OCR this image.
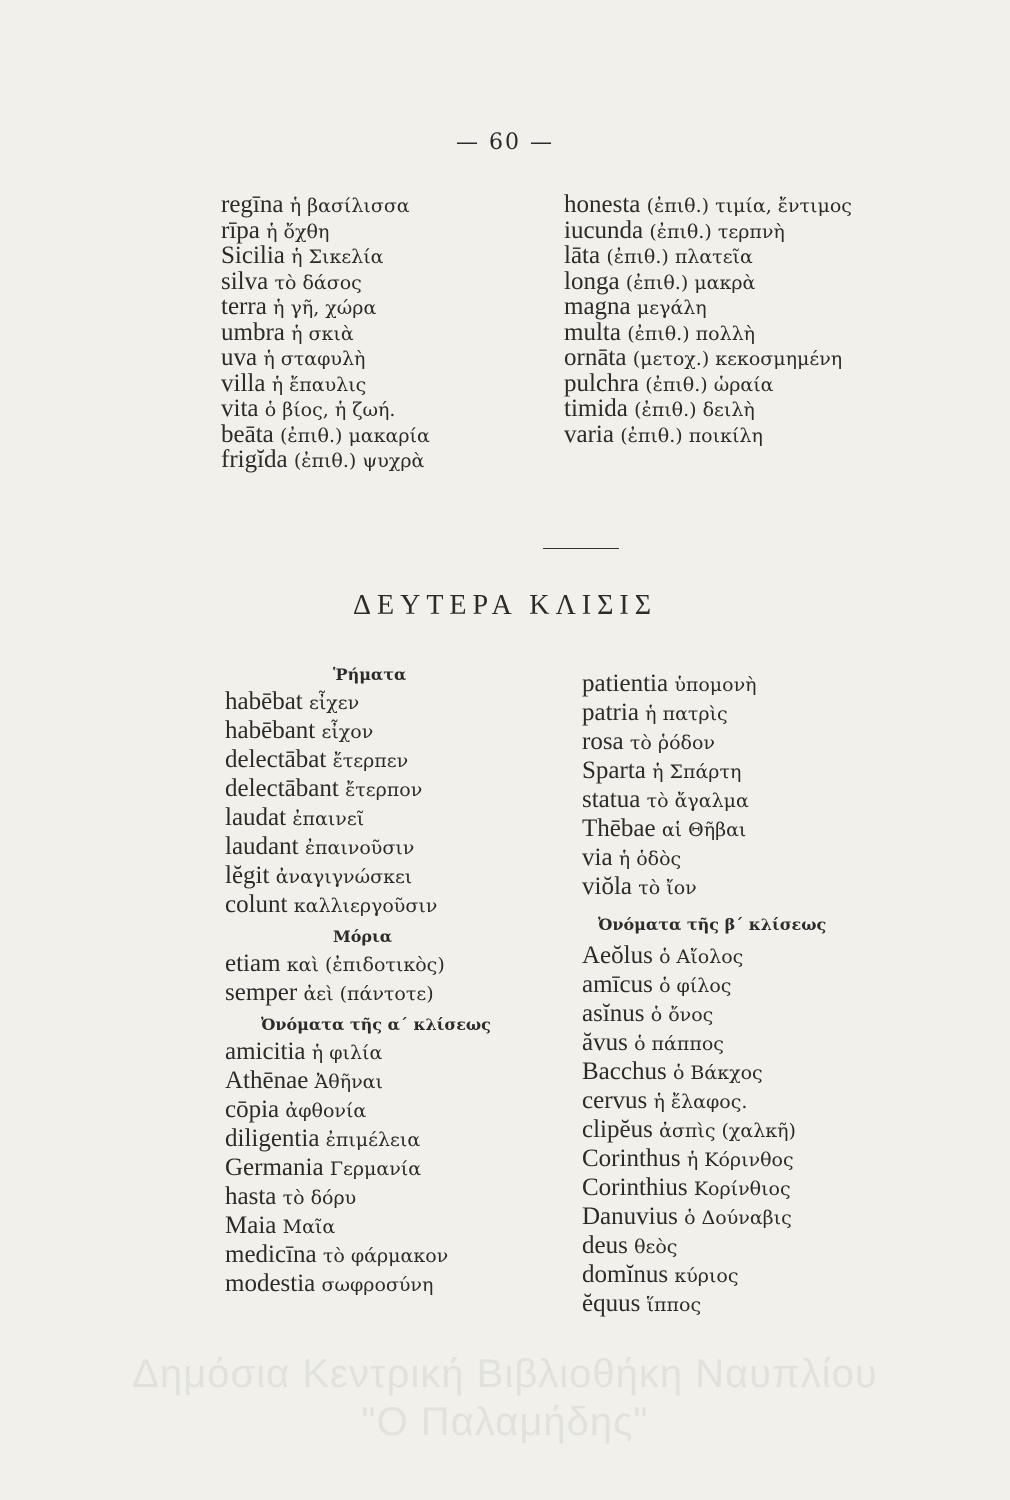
— 60 —
regīna ἡ βασίλισσα
rīpa ἡ ὄχθη
Sicilia ἡ Σικελία
silva τὸ δάσος
terra ἡ γῆ, χώρα
umbra ἡ σκιὰ
uva ἡ σταφυλὴ
villa ἡ ἔπαυλις
vita ὁ βίος, ἡ ζωή.
beāta (ἐπιθ.) μακαρία
frigĭda (ἐπιθ.) ψυχρὰ
honesta (ἐπιθ.) τιμία, ἔντιμος
iucunda (ἐπιθ.) τερπνὴ
lāta (ἐπιθ.) πλατεῖα
longa (ἐπιθ.) μακρὰ
magna μεγάλη
multa (ἐπιθ.) πολλὴ
ornāta (μετοχ.) κεκοσμημένη
pulchra (ἐπιθ.) ὡραία
timida (ἐπιθ.) δειλὴ
varia (ἐπιθ.) ποικίλη
ΔΕΥΤΕΡΑ ΚΛΙΣΙΣ
Ῥήματα
habēbat εἶχεν
habēbant εἶχον
delectābat ἔτερπεν
delectābant ἔτερπον
laudat ἐπαινεῖ
laudant ἐπαινοῦσιν
lĕgit ἀναγιγνώσκει
colunt καλλιεργοῦσιν
Μόρια
etiam καὶ (ἐπιδοτικὸς)
semper ἀεὶ (πάντοτε)
Ὀνόματα τῆς α´ κλίσεως
amicitia ἡ φιλία
Athēnae Ἀθῆναι
cōpia ἀφθονία
diligentia ἐπιμέλεια
Germania Γερμανία
hasta τὸ δόρυ
Maia Μαῖα
medicīna τὸ φάρμακον
modestia σωφροσύνη
patientia ὑπομονὴ
patria ἡ πατρὶς
rosa τὸ ῥόδον
Sparta ἡ Σπάρτη
statua τὸ ἄγαλμα
Thēbae αἱ Θῆβαι
via ἡ ὁδὸς
viŏla τὸ ἴον
Ὀνόματα τῆς β´ κλίσεως
Aeŏlus ὁ Αἴολος
amīcus ὁ φίλος
asĭnus ὁ ὄνος
ăvus ὁ πάππος
Bacchus ὁ Βάκχος
cervus ἡ ἔλαφος.
clipĕus ἀσπὶς (χαλκῆ)
Corinthus ἡ Κόρινθος
Corinthius Κορίνθιος
Danuvius ὁ Δούναβις
deus θεὸς
domĭnus κύριος
ĕquus ἵππος
Δημόσια Κεντρική Βιβλιοθήκη Ναυπλίου
"Ο Παλαμήδης"
